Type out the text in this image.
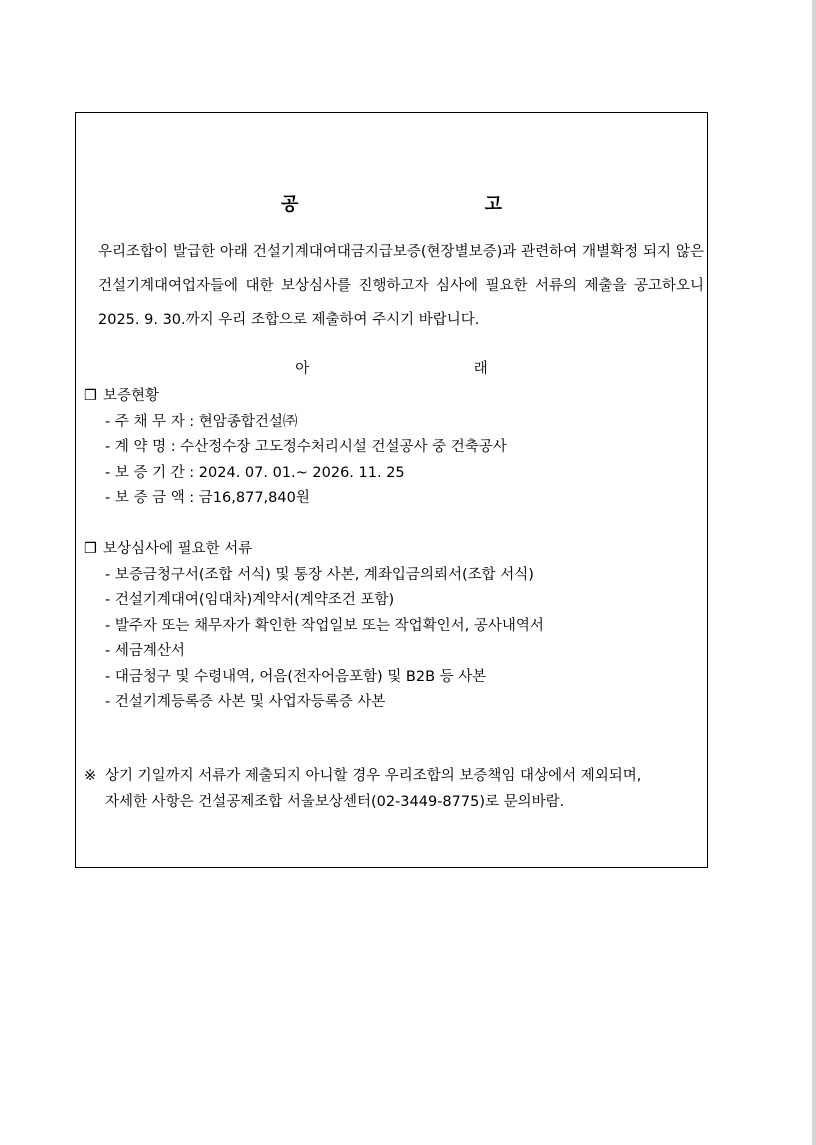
공 고
우리조합이 발급한 아래 건설기계대여대금지급보증(현장별보증)과 관련하여 개별확정 되지 않은 건설기계대여업자들에 대한 보상심사를 진행하고자 심사에 필요한 서류의 제출을 공고하오니 2025. 9. 30.까지 우리 조합으로 제출하여 주시기 바랍니다.
아 래
❒ 보증현황
- 주 채 무 자 : 현암종합건설㈜
- 계 약 명 : 수산정수장 고도정수처리시설 건설공사 중 건축공사
- 보 증 기 간 : 2024. 07. 01.~ 2026. 11. 25
- 보 증 금 액 : 금16,877,840원
❒ 보상심사에 필요한 서류
- 보증금청구서(조합 서식) 및 통장 사본, 계좌입금의뢰서(조합 서식)
- 건설기계대여(임대차)계약서(계약조건 포함)
- 발주자 또는 채무자가 확인한 작업일보 또는 작업확인서, 공사내역서
- 세금계산서
- 대금청구 및 수령내역, 어음(전자어음포함) 및 B2B 등 사본
- 건설기계등록증 사본 및 사업자등록증 사본
※ 상기 기일까지 서류가 제출되지 아니할 경우 우리조합의 보증책임 대상에서 제외되며,
자세한 사항은 건설공제조합 서울보상센터(02-3449-8775)로 문의바람.
